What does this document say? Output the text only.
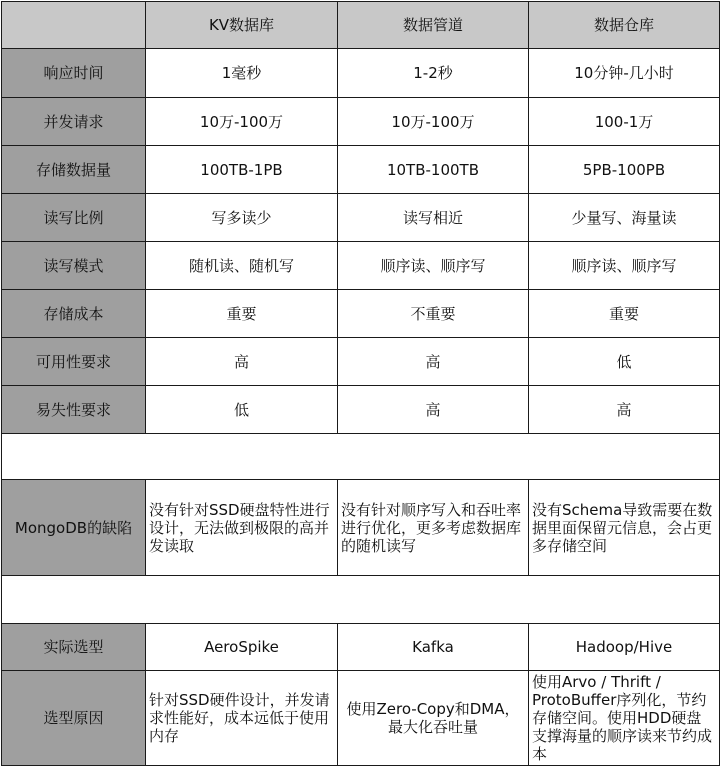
	KV数据库	数据管道	数据仓库
响应时间	1毫秒	1-2秒	10分钟-几小时
并发请求	10万-100万	10万-100万	100-1万
存储数据量	100TB-1PB	10TB-100TB	5PB-100PB
读写比例	写多读少	读写相近	少量写、海量读
读写模式	随机读、随机写	顺序读、顺序写	顺序读、顺序写
存储成本	重要	不重要	重要
可用性要求	高	高	低
易失性要求	低	高	高

MongoDB的缺陷	没有针对SSD硬盘特性进行设计，无法做到极限的高并发读取	没有针对顺序写入和吞吐率进行优化，更多考虑数据库的随机读写	没有Schema导致需要在数据里面保留元信息，会占更多存储空间

实际选型	AeroSpike	Kafka	Hadoop/Hive
选型原因	针对SSD硬件设计，并发请求性能好，成本远低于使用内存	使用Zero-Copy和DMA，最大化吞吐量	使用Arvo / Thrift / ProtoBuffer序列化，节约存储空间。使用HDD硬盘支撑海量的顺序读来节约成本
